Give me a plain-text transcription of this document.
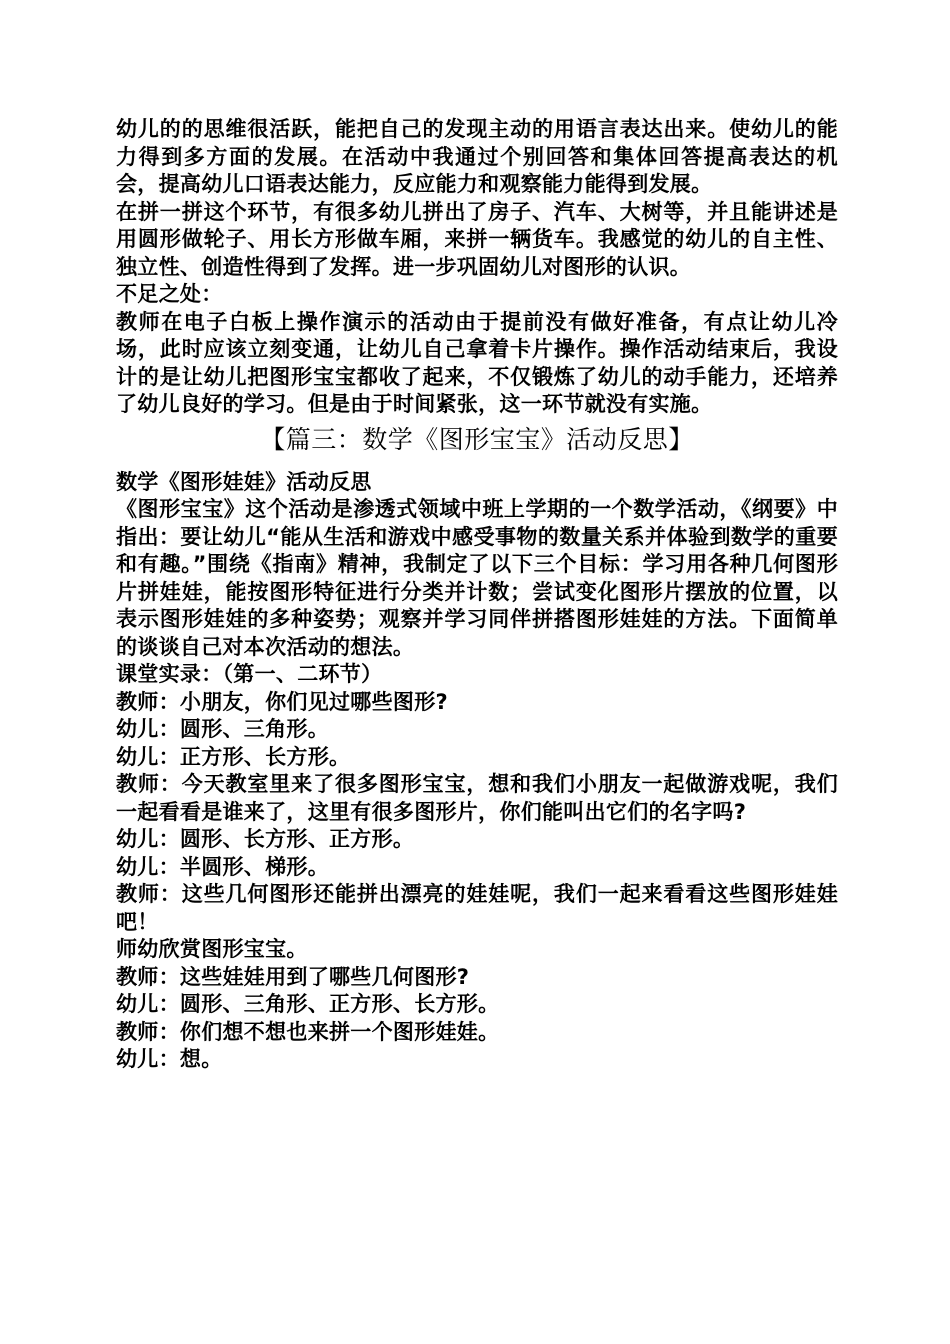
幼儿的的思维很活跃，能把自己的发现主动的用语言表达出来。使幼儿的能力得到多方面的发展。在活动中我通过个别回答和集体回答提高表达的机会，提高幼儿口语表达能力，反应能力和观察能力能得到发展。

在拼一拼这个环节，有很多幼儿拼出了房子、汽车、大树等，并且能讲述是用圆形做轮子、用长方形做车厢，来拼一辆货车。我感觉的幼儿的自主性、独立性、创造性得到了发挥。进一步巩固幼儿对图形的认识。

不足之处：

教师在电子白板上操作演示的活动由于提前没有做好准备，有点让幼儿冷场，此时应该立刻变通，让幼儿自己拿着卡片操作。操作活动结束后，我设计的是让幼儿把图形宝宝都收了起来，不仅锻炼了幼儿的动手能力，还培养了幼儿良好的学习。但是由于时间紧张，这一环节就没有实施。

【篇三：数学《图形宝宝》活动反思】

数学《图形娃娃》活动反思

《图形宝宝》这个活动是渗透式领域中班上学期的一个数学活动，《纲要》中指出：要让幼儿“能从生活和游戏中感受事物的数量关系并体验到数学的重要和有趣。”围绕《指南》精神，我制定了以下三个目标：学习用各种几何图形片拼娃娃，能按图形特征进行分类并计数；尝试变化图形片摆放的位置，以表示图形娃娃的多种姿势；观察并学习同伴拼搭图形娃娃的方法。下面简单的谈谈自己对本次活动的想法。

课堂实录：（第一、二环节）

教师：小朋友，你们见过哪些图形?

幼儿：圆形、三角形。

幼儿：正方形、长方形。

教师：今天教室里来了很多图形宝宝，想和我们小朋友一起做游戏呢，我们一起看看是谁来了，这里有很多图形片，你们能叫出它们的名字吗?

幼儿：圆形、长方形、正方形。

幼儿：半圆形、梯形。

教师：这些几何图形还能拼出漂亮的娃娃呢，我们一起来看看这些图形娃娃吧！

师幼欣赏图形宝宝。

教师：这些娃娃用到了哪些几何图形?

幼儿：圆形、三角形、正方形、长方形。

教师：你们想不想也来拼一个图形娃娃。

幼儿：想。
